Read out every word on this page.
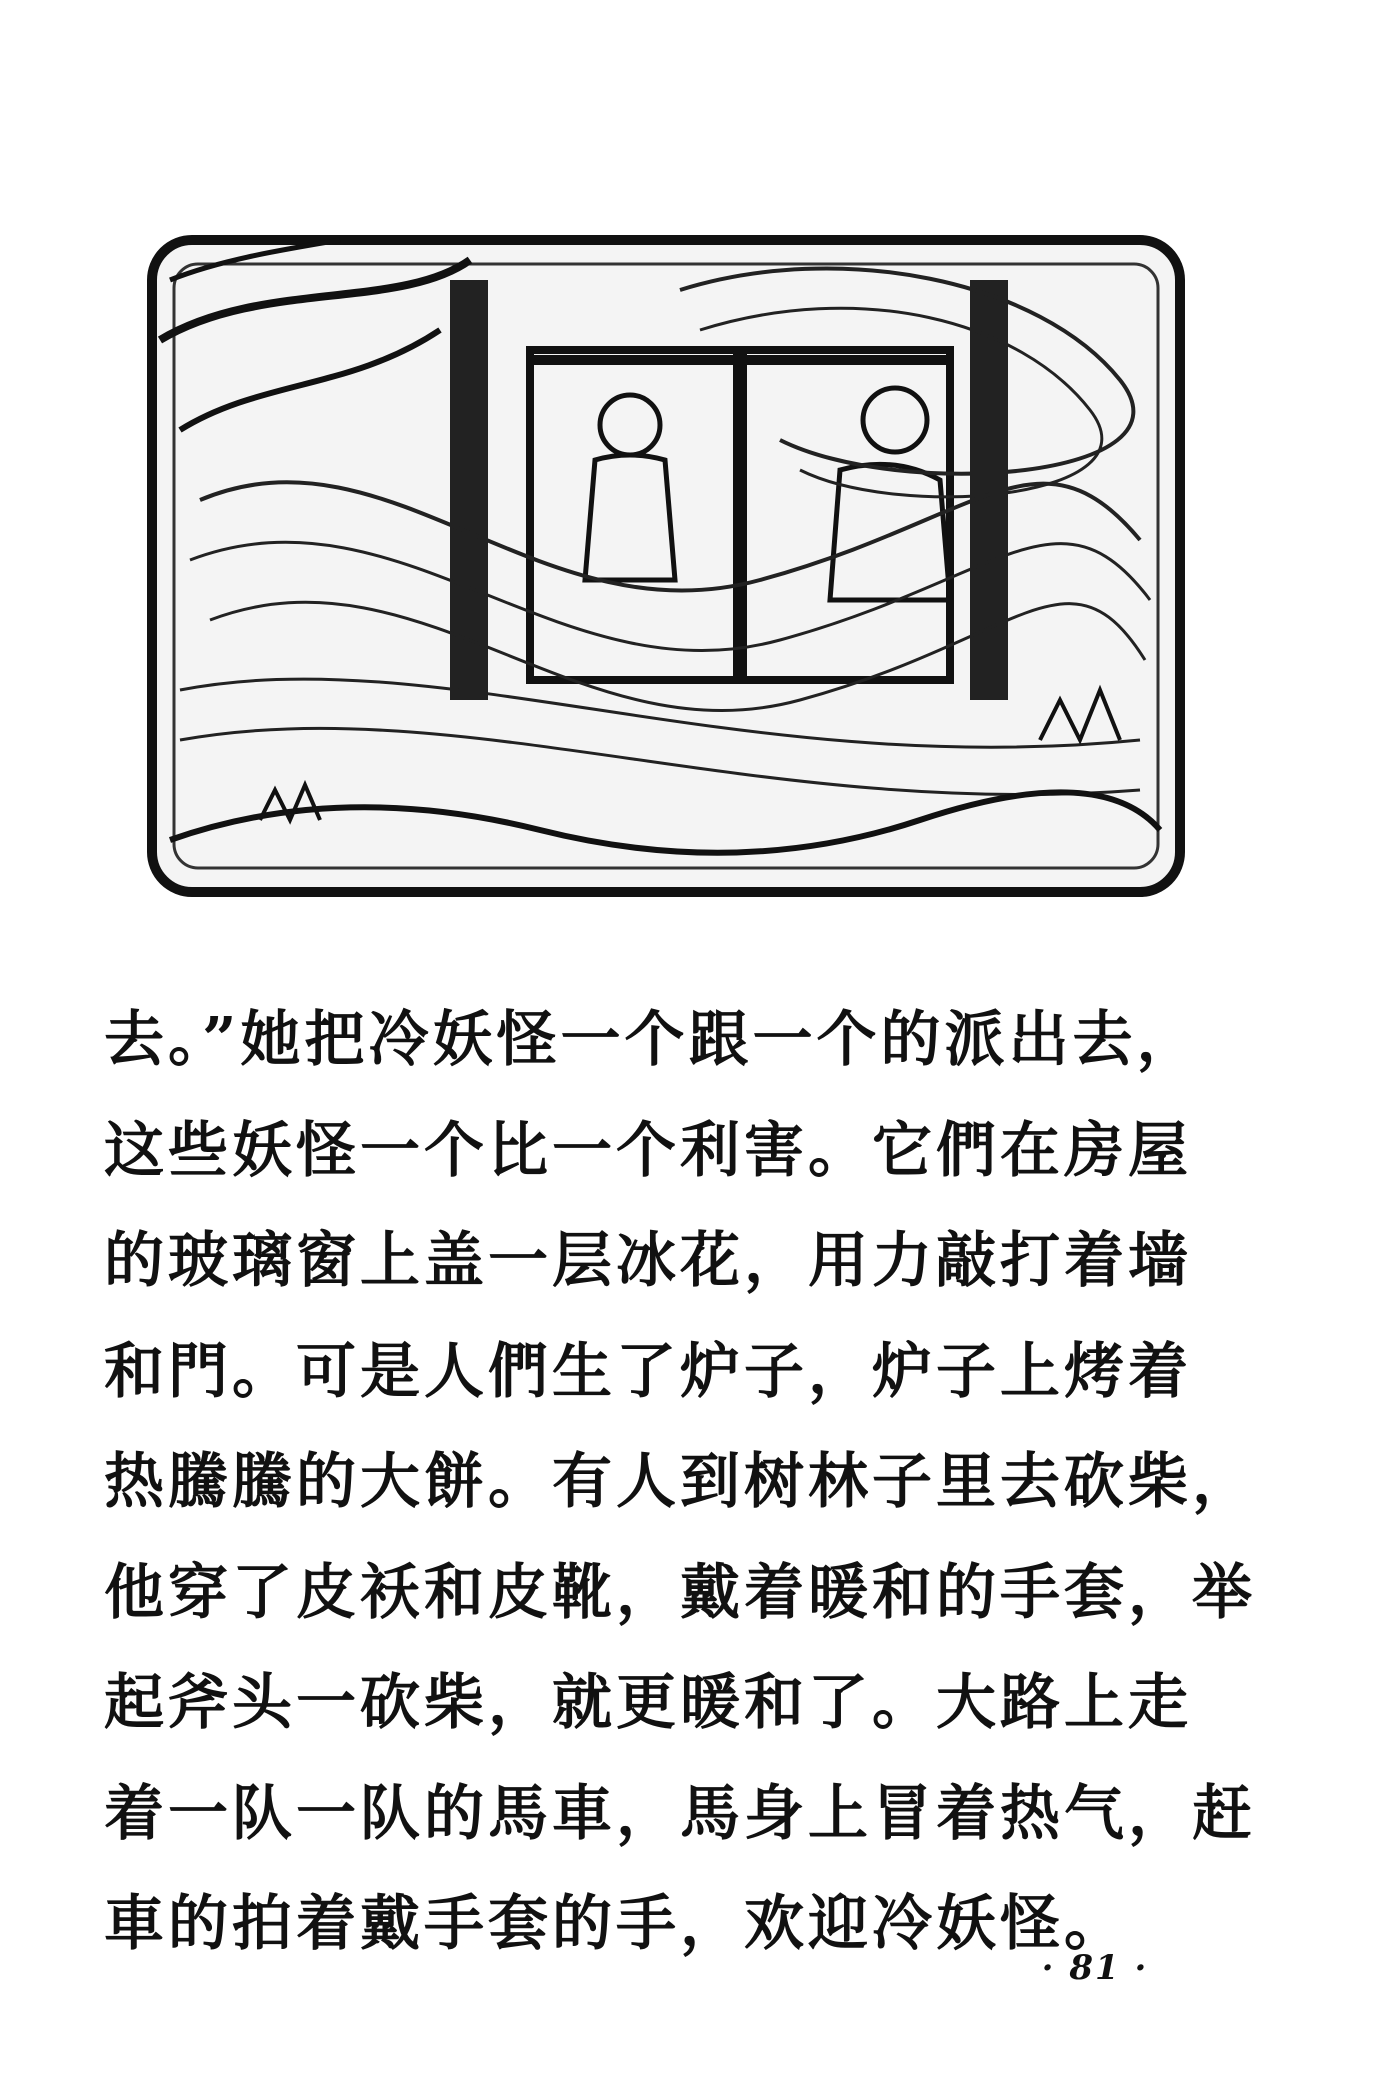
去。”她把冷妖怪一个跟一个的派出去，
这些妖怪一个比一个利害。它們在房屋
的玻璃窗上盖一层冰花，用力敲打着墙
和門。可是人們生了炉子，炉子上烤着
热騰騰的大餅。有人到树林子里去砍柴，
他穿了皮袄和皮靴，戴着暖和的手套，举
起斧头一砍柴，就更暖和了。大路上走
着一队一队的馬車，馬身上冒着热气，赶
車的拍着戴手套的手，欢迎冷妖怪。
· 81 ·
